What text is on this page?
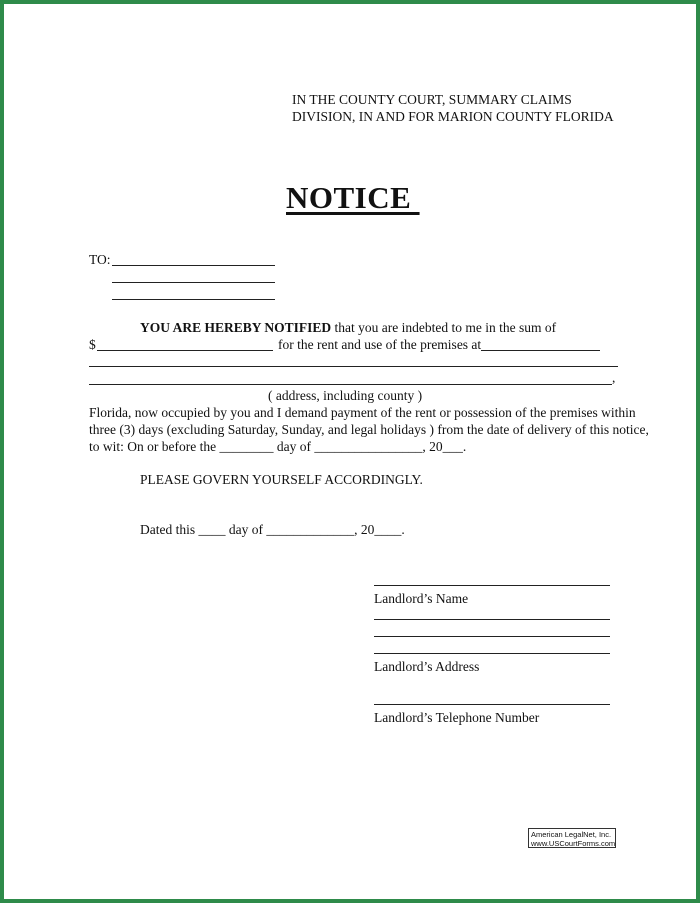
IN THE COUNTY COURT, SUMMARY CLAIMS
DIVISION, IN AND FOR MARION COUNTY FLORIDA
NOTICE
TO:
YOU ARE HEREBY NOTIFIED that you are indebted to me in the sum of
$	for the rent and use of the premises at
,
( address, including county )
Florida, now occupied by you and I demand payment of the rent or possession of the premises within
three (3) days (excluding Saturday, Sunday, and legal holidays ) from the date of delivery of this notice,
to wit: On or before the ________ day of ________________, 20___.
PLEASE GOVERN YOURSELF ACCORDINGLY.
Dated this ____ day of _____________, 20____.
Landlord’s Name
Landlord’s Address
Landlord’s Telephone Number
American LegalNet, Inc.
www.USCourtForms.com
